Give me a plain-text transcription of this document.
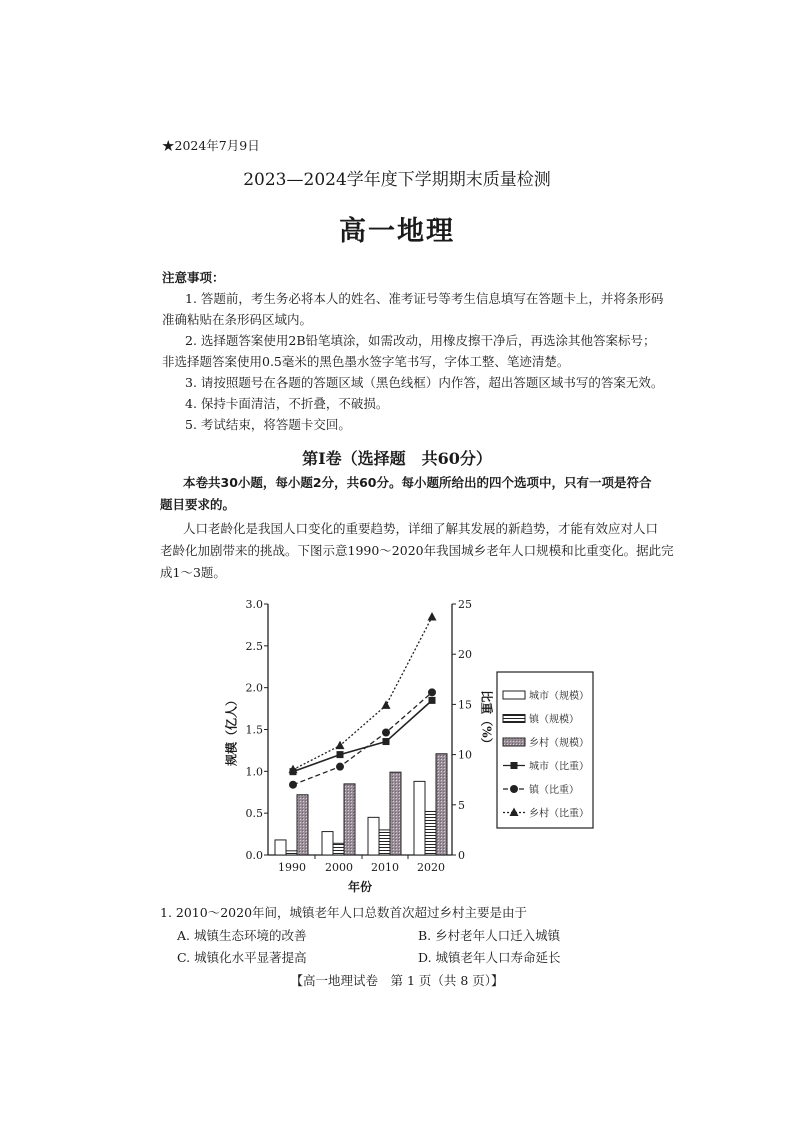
★2024年7月9日
2023—2024学年度下学期期末质量检测
高一地理
注意事项：
1. 答题前，考生务必将本人的姓名、准考证号等考生信息填写在答题卡上，并将条形码
准确粘贴在条形码区域内。
2. 选择题答案使用2B铅笔填涂，如需改动，用橡皮擦干净后，再选涂其他答案标号；
非选择题答案使用0.5毫米的黑色墨水签字笔书写，字体工整、笔迹清楚。
3. 请按照题号在各题的答题区域（黑色线框）内作答，超出答题区域书写的答案无效。
4. 保持卡面清洁，不折叠，不破损。
5. 考试结束，将答题卡交回。
第Ⅰ卷（选择题　共60分）
本卷共30小题，每小题2分，共60分。每小题所给出的四个选项中，只有一项是符合
题目要求的。
人口老龄化是我国人口变化的重要趋势，详细了解其发展的新趋势，才能有效应对人口
老龄化加剧带来的挑战。下图示意1990～2020年我国城乡老年人口规模和比重变化。据此完
成1～3题。
0.0
0.5
1.0
1.5
2.0
2.5
3.0
0
5
10
15
20
25
1990 2000 2010 2020
年份
规模（亿人）	比重（%）	城市（规模）
镇（规模）
乡村（规模）
城市（比重）
镇（比重）
乡村（比重）
1. 2010～2020年间，城镇老年人口总数首次超过乡村主要是由于
A. 城镇生态环境的改善	B. 乡村老年人口迁入城镇
C. 城镇化水平显著提高	D. 城镇老年人口寿命延长
【高一地理试卷　第 1 页（共 8 页）】
